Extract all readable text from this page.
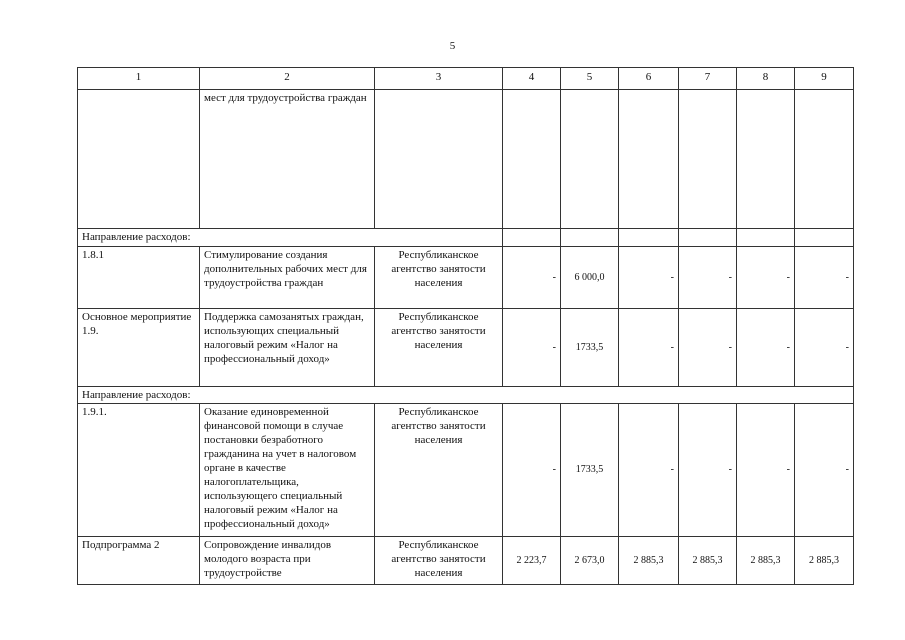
5
1	2	3	4	5	6	7	8	9
	мест для трудоустройства граждан							
Направление расходов:								
1.8.1	Стимулирование создания дополнительных рабочих мест для трудоустройства граждан	Республиканское агентство занятости населения	-	6 000,0	-	-	-	-
Основное мероприятие 1.9.	Поддержка самозанятых граждан, использующих специальный налоговый режим «Налог на профессиональный доход»	Республиканское агентство занятости населения	-	1733,5	-	-	-	-
Направление расходов:								
1.9.1.	Оказание единовременной финансовой помощи в случае постановки безработного гражданина на учет в налоговом органе в качестве налогоплательщика, использующего специальный налоговый режим «Налог на профессиональный доход»	Республиканское агентство занятости населения	-	1733,5	-	-	-	-
Подпрограмма 2	Сопровождение инвалидов молодого возраста при трудоустройстве	Республиканское агентство занятости населения	2 223,7	2 673,0	2 885,3	2 885,3	2 885,3	2 885,3
